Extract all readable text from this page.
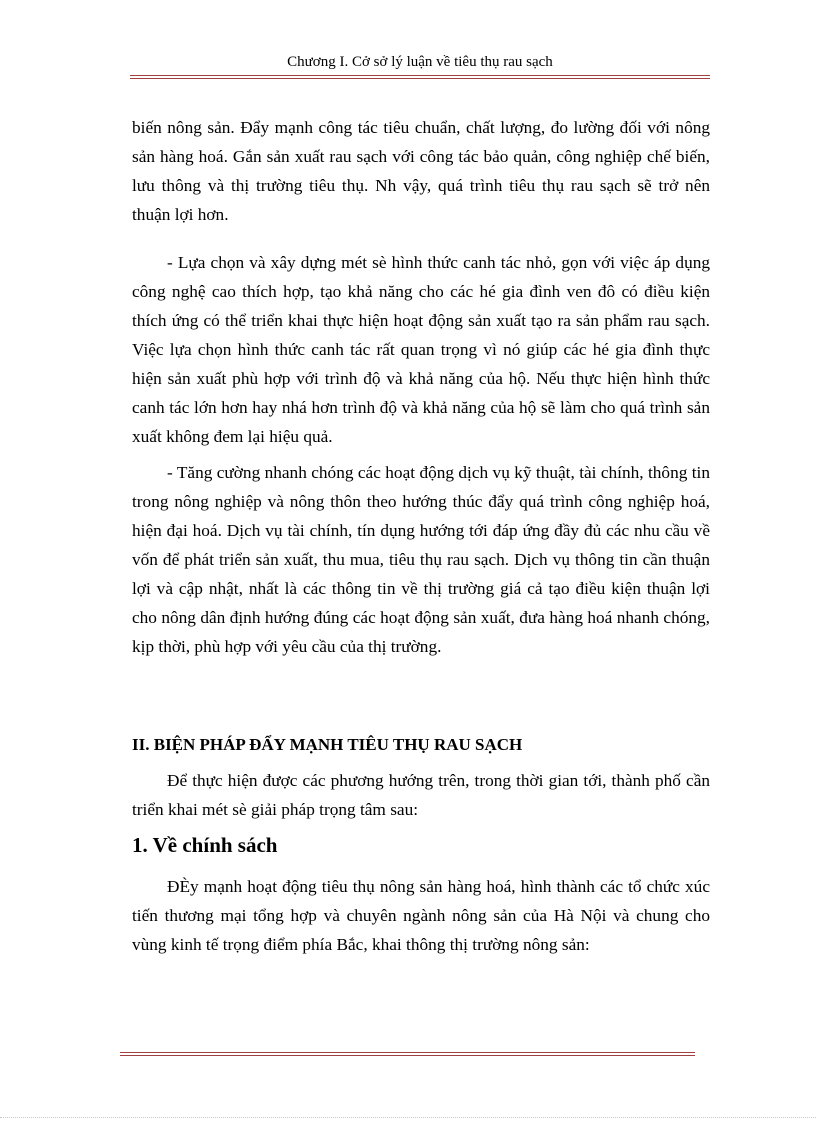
Chương I. Cở sở lý luận về tiêu thụ rau sạch

biến nông sản. Đẩy mạnh công tác tiêu chuẩn, chất lượng, đo lường đối với nông sản hàng hoá. Gắn sản xuất rau sạch với công tác bảo quản, công nghiệp chế biến, lưu thông và thị trường tiêu thụ. Nh vậy, quá trình tiêu thụ rau sạch sẽ trở nên thuận lợi hơn.

- Lựa chọn và xây dựng mét sè hình thức canh tác nhỏ, gọn với việc áp dụng công nghệ cao thích hợp, tạo khả năng cho các hé gia đình ven đô có điều kiện thích ứng có thể triển khai thực hiện hoạt động sản xuất tạo ra sản phẩm rau sạch. Việc lựa chọn hình thức canh tác rất quan trọng vì nó giúp các hé gia đình thực hiện sản xuất phù hợp với trình độ và khả năng của hộ. Nếu thực hiện hình thức canh tác lớn hơn hay nhá hơn trình độ và khả năng của hộ sẽ làm cho quá trình sản xuất không đem lại hiệu quả.

- Tăng cường nhanh chóng các hoạt động dịch vụ kỹ thuật, tài chính, thông tin trong nông nghiệp và nông thôn theo hướng thúc đẩy quá trình công nghiệp hoá, hiện đại hoá. Dịch vụ tài chính, tín dụng hướng tới đáp ứng đầy đủ các nhu cầu về vốn để phát triển sản xuất, thu mua, tiêu thụ rau sạch. Dịch vụ thông tin cần thuận lợi và cập nhật, nhất là các thông tin về thị trường giá cả tạo điều kiện thuận lợi cho nông dân định hướng đúng các hoạt động sản xuất, đưa hàng hoá nhanh chóng, kịp thời, phù hợp với yêu cầu của thị trường.

II. BIỆN PHÁP ĐẨY MẠNH TIÊU THỤ RAU SẠCH

Để thực hiện được các phương hướng trên, trong thời gian tới, thành phố cần triển khai mét sè giải pháp trọng tâm sau:

1. Về chính sách

ĐÈy mạnh hoạt động tiêu thụ nông sản hàng hoá, hình thành các tổ chức xúc tiến thương mại tổng hợp và chuyên ngành nông sản của Hà Nội và chung cho vùng kinh tế trọng điểm phía Bắc, khai thông thị trường nông sản:
